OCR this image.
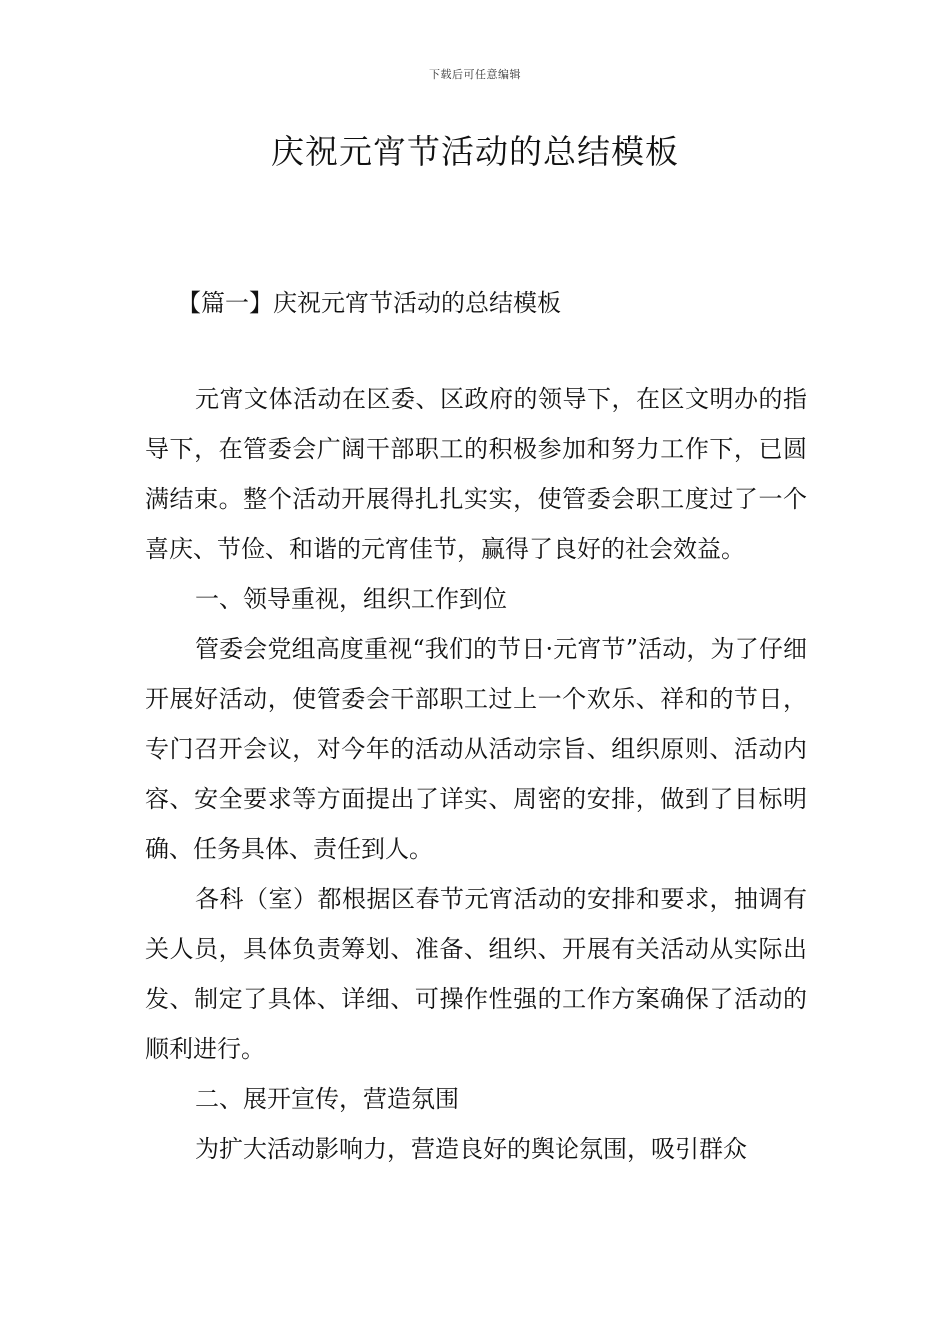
下载后可任意编辑
庆祝元宵节活动的总结模板
【篇一】庆祝元宵节活动的总结模板

元宵文体活动在区委、区政府的领导下，在区文明办的指导下，在管委会广阔干部职工的积极参加和努力工作下，已圆满结束。整个活动开展得扎扎实实，使管委会职工度过了一个喜庆、节俭、和谐的元宵佳节，赢得了良好的社会效益。

一、领导重视，组织工作到位

管委会党组高度重视“我们的节日·元宵节”活动，为了仔细开展好活动，使管委会干部职工过上一个欢乐、祥和的节日，专门召开会议，对今年的活动从活动宗旨、组织原则、活动内容、安全要求等方面提出了详实、周密的安排，做到了目标明确、任务具体、责任到人。

各科（室）都根据区春节元宵活动的安排和要求，抽调有关人员，具体负责筹划、准备、组织、开展有关活动从实际出发、制定了具体、详细、可操作性强的工作方案确保了活动的顺利进行。

二、展开宣传，营造氛围

为扩大活动影响力，营造良好的舆论氛围，吸引群众
